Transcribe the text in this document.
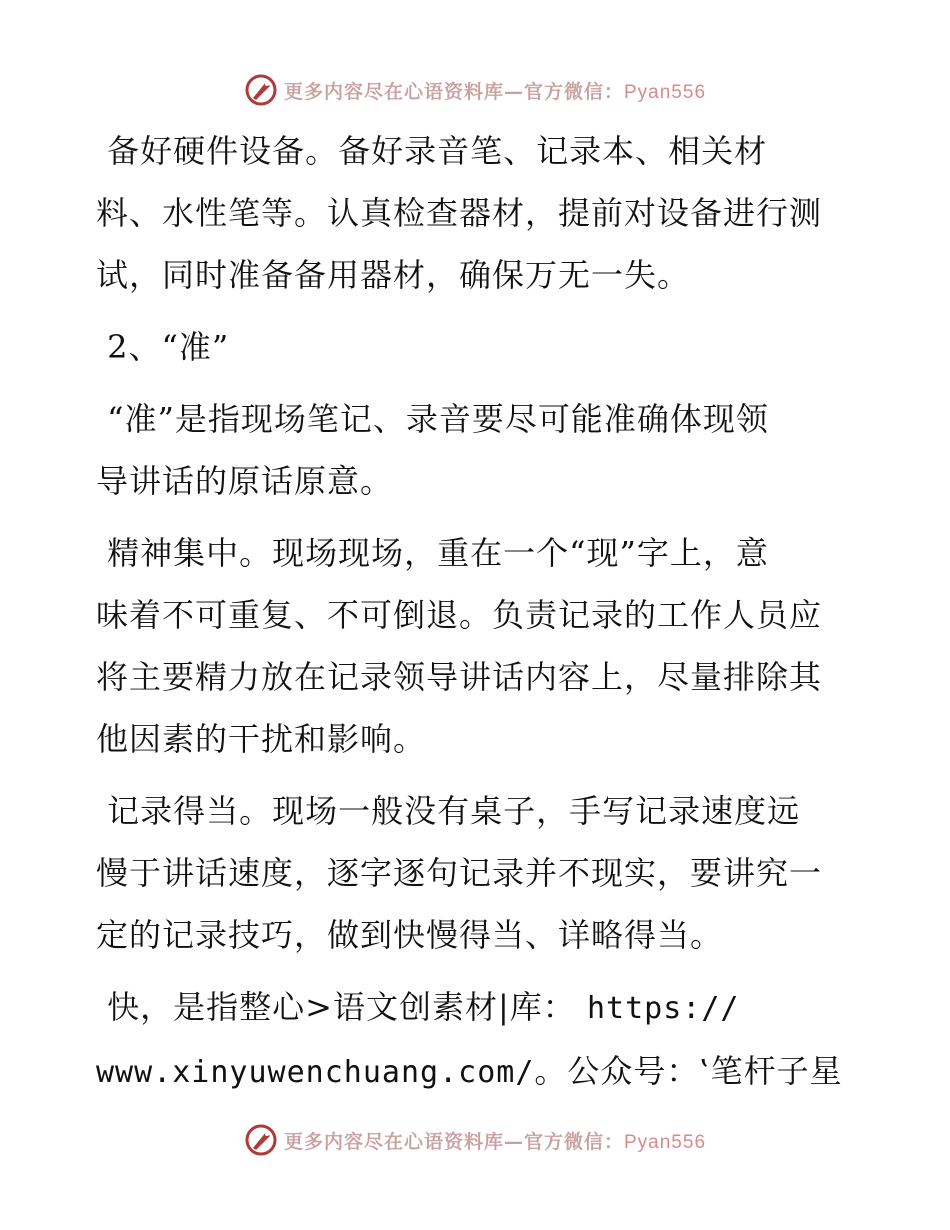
更多内容尽在心语资料库—官方微信：Pyan556

备好硬件设备。备好录音笔、记录本、相关材

料、水性笔等。认真检查器材，提前对设备进行测

试，同时准备备用器材，确保万无一失。

2、“准”

“准”是指现场笔记、录音要尽可能准确体现领

导讲话的原话原意。

精神集中。现场现场，重在一个“现”字上，意

味着不可重复、不可倒退。负责记录的工作人员应

将主要精力放在记录领导讲话内容上，尽量排除其

他因素的干扰和影响。

记录得当。现场一般没有桌子，手写记录速度远

慢于讲话速度，逐字逐句记录并不现实，要讲究一

定的记录技巧，做到快慢得当、详略得当。

快，是指整心>语文创素材|库： https://

www.xinyuwenchuang.com/。公众号：‛笔杆子星

更多内容尽在心语资料库—官方微信：Pyan556
